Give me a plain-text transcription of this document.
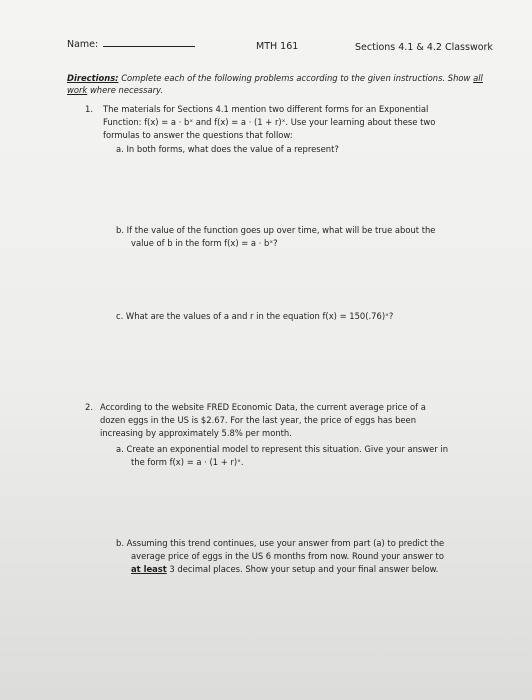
Name:	MTH 161	Sections 4.1 & 4.2 Classwork
Directions: Complete each of the following problems according to the given instructions. Show all
work where necessary.
1. The materials for Sections 4.1 mention two different forms for an Exponential
Function: f(x) = a · bˣ and f(x) = a · (1 + r)ˣ. Use your learning about these two
formulas to answer the questions that follow:
a. In both forms, what does the value of a represent?
b. If the value of the function goes up over time, what will be true about the
value of b in the form f(x) = a · bˣ?
c. What are the values of a and r in the equation f(x) = 150(.76)ˣ?
2. According to the website FRED Economic Data, the current average price of a
dozen eggs in the US is $2.67. For the last year, the price of eggs has been
increasing by approximately 5.8% per month.
a. Create an exponential model to represent this situation. Give your answer in
the form f(x) = a · (1 + r)ˣ.
b. Assuming this trend continues, use your answer from part (a) to predict the
average price of eggs in the US 6 months from now. Round your answer to
at least 3 decimal places. Show your setup and your final answer below.
